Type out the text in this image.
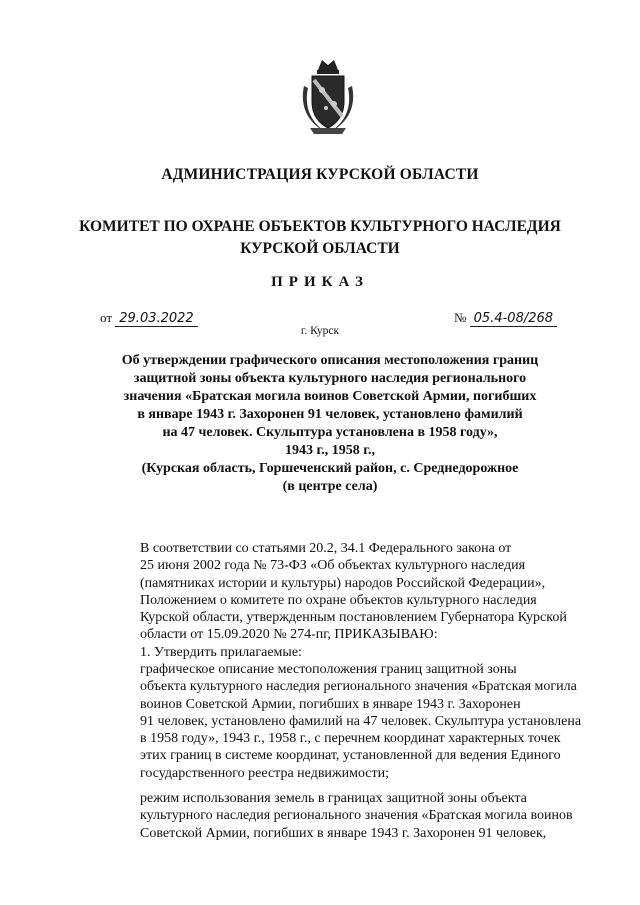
АДМИНИСТРАЦИЯ КУРСКОЙ ОБЛАСТИ
КОМИТЕТ ПО ОХРАНЕ ОБЪЕКТОВ КУЛЬТУРНОГО НАСЛЕДИЯ
КУРСКОЙ ОБЛАСТИ
ПРИКАЗ
от 29.03.2022	№ 05.4-08/268
г. Курск
Об утверждении графического описания местоположения границ
защитной зоны объекта культурного наследия регионального
значения «Братская могила воинов Советской Армии, погибших
в январе 1943 г. Захоронен 91 человек, установлено фамилий
на 47 человек. Скульптура установлена в 1958 году»,
1943 г., 1958 г.,
(Курская область, Горшеченский район, с. Среднедорожное
(в центре села)
В соответствии со статьями 20.2, 34.1 Федерального закона от
25 июня 2002 года № 73-ФЗ «Об объектах культурного наследия
(памятниках истории и культуры) народов Российской Федерации»,
Положением о комитете по охране объектов культурного наследия
Курской области, утвержденным постановлением Губернатора Курской
области от 15.09.2020 № 274-пг, ПРИКАЗЫВАЮ:
1. Утвердить прилагаемые:
графическое описание местоположения границ защитной зоны
объекта культурного наследия регионального значения «Братская могила
воинов Советской Армии, погибших в январе 1943 г. Захоронен
91 человек, установлено фамилий на 47 человек. Скульптура установлена
в 1958 году», 1943 г., 1958 г., с перечнем координат характерных точек
этих границ в системе координат, установленной для ведения Единого
государственного реестра недвижимости;
режим использования земель в границах защитной зоны объекта
культурного наследия регионального значения «Братская могила воинов
Советской Армии, погибших в январе 1943 г. Захоронен 91 человек,
